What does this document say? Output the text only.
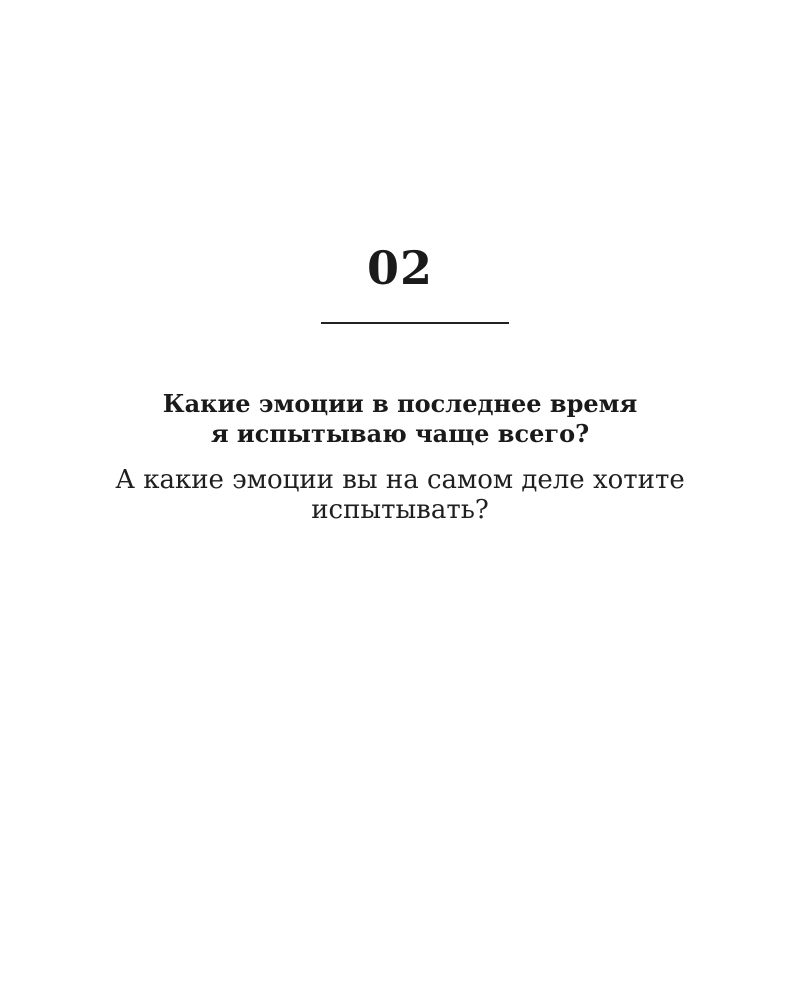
02
Какие эмоции в последнее время
я испытываю чаще всего?
А какие эмоции вы на самом деле хотите
испытывать?
